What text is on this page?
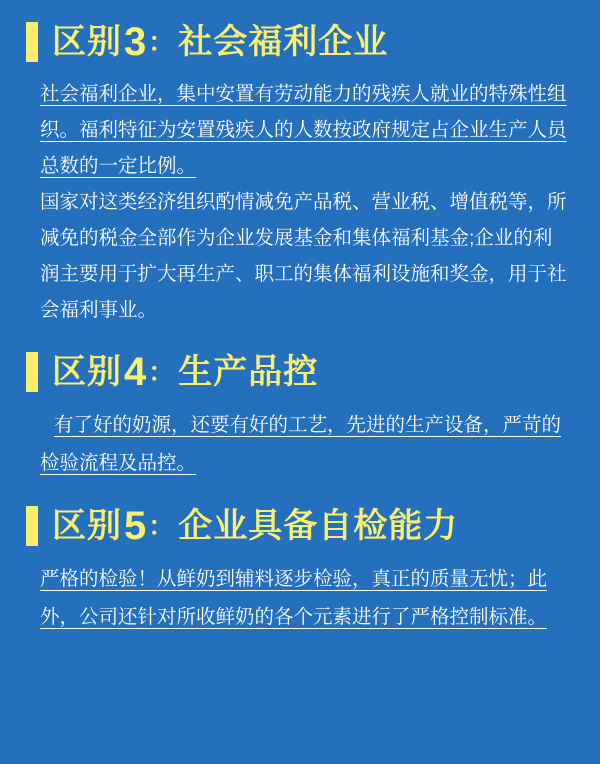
区别 3 ： 社会福利企业

社会福利企业，集中安置有劳动能力的残疾人就业的特殊性组织。福利特征为安置残疾人的人数按政府规定占企业生产人员总数的一定比例。

国家对这类经济组织酌情减免产品税、营业税、增值税等，所减免的税金全部作为企业发展基金和集体福利基金;企业的利润主要用于扩大再生产、职工的集体福利设施和奖金，用于社会福利事业。

区别 4 ： 生产品控

有了好的奶源，还要有好的工艺，先进的生产设备，严苛的检验流程及品控。

区别 5 ： 企业具备自检能力

严格的检验！从鲜奶到辅料逐步检验，真正的质量无忧；此外，公司还针对所收鲜奶的各个元素进行了严格控制标准。
